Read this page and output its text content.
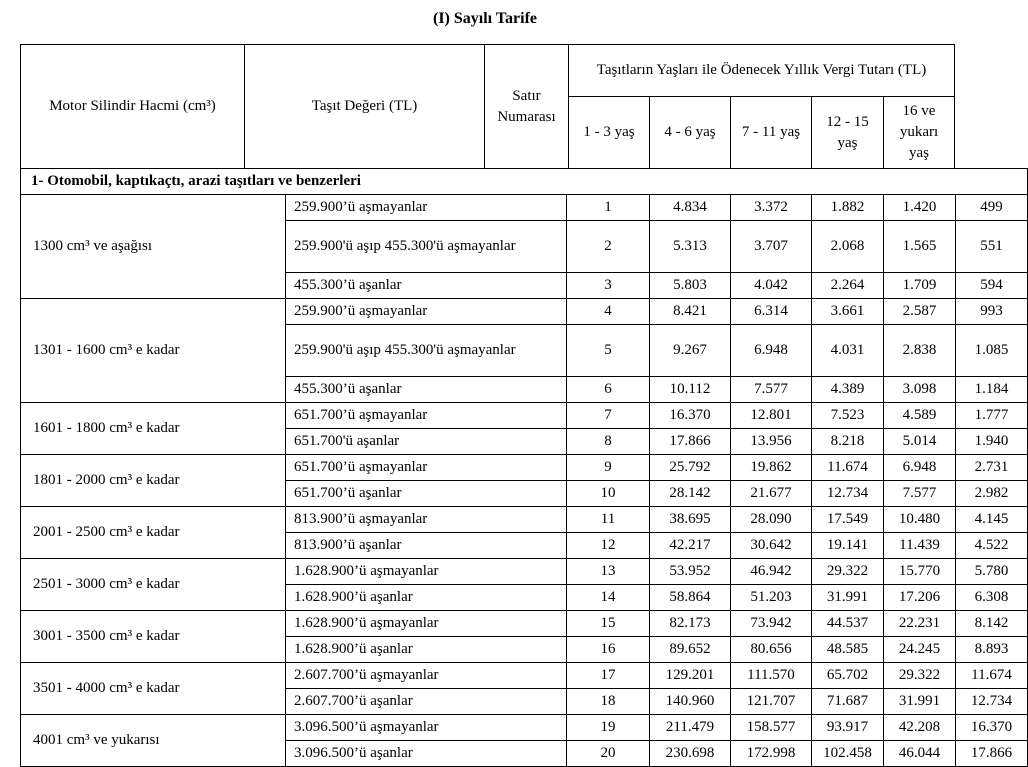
(I) Sayılı Tarife
Motor Silindir Hacmi (cm³)	Taşıt Değeri (TL)	Satır Numarası	Taşıtların Yaşları ile Ödenecek Yıllık Vergi Tutarı (TL)				
			1 - 3 yaş	4 - 6 yaş	7 - 11 yaş	12 - 15 yaş	16 ve yukarı yaş
1- Otomobil, kaptıkaçtı, arazi taşıtları ve benzerleri							
1300 cm³ ve aşağısı	259.900’ü aşmayanlar	1	4.834	3.372	1.882	1.420	499
	259.900'ü aşıp 455.300'ü aşmayanlar	2	5.313	3.707	2.068	1.565	551
	455.300’ü aşanlar	3	5.803	4.042	2.264	1.709	594
1301 - 1600 cm³ e kadar	259.900’ü aşmayanlar	4	8.421	6.314	3.661	2.587	993
	259.900'ü aşıp 455.300'ü aşmayanlar	5	9.267	6.948	4.031	2.838	1.085
	455.300’ü aşanlar	6	10.112	7.577	4.389	3.098	1.184
1601 - 1800 cm³ e kadar	651.700’ü aşmayanlar	7	16.370	12.801	7.523	4.589	1.777
	651.700'ü aşanlar	8	17.866	13.956	8.218	5.014	1.940
1801 - 2000 cm³ e kadar	651.700’ü aşmayanlar	9	25.792	19.862	11.674	6.948	2.731
	651.700’ü aşanlar	10	28.142	21.677	12.734	7.577	2.982
2001 - 2500 cm³ e kadar	813.900’ü aşmayanlar	11	38.695	28.090	17.549	10.480	4.145
	813.900’ü aşanlar	12	42.217	30.642	19.141	11.439	4.522
2501 - 3000 cm³ e kadar	1.628.900’ü aşmayanlar	13	53.952	46.942	29.322	15.770	5.780
	1.628.900’ü aşanlar	14	58.864	51.203	31.991	17.206	6.308
3001 - 3500 cm³ e kadar	1.628.900’ü aşmayanlar	15	82.173	73.942	44.537	22.231	8.142
	1.628.900’ü aşanlar	16	89.652	80.656	48.585	24.245	8.893
3501 - 4000 cm³ e kadar	2.607.700’ü aşmayanlar	17	129.201	111.570	65.702	29.322	11.674
	2.607.700’ü aşanlar	18	140.960	121.707	71.687	31.991	12.734
4001 cm³ ve yukarısı	3.096.500’ü aşmayanlar	19	211.479	158.577	93.917	42.208	16.370
	3.096.500’ü aşanlar	20	230.698	172.998	102.458	46.044	17.866
